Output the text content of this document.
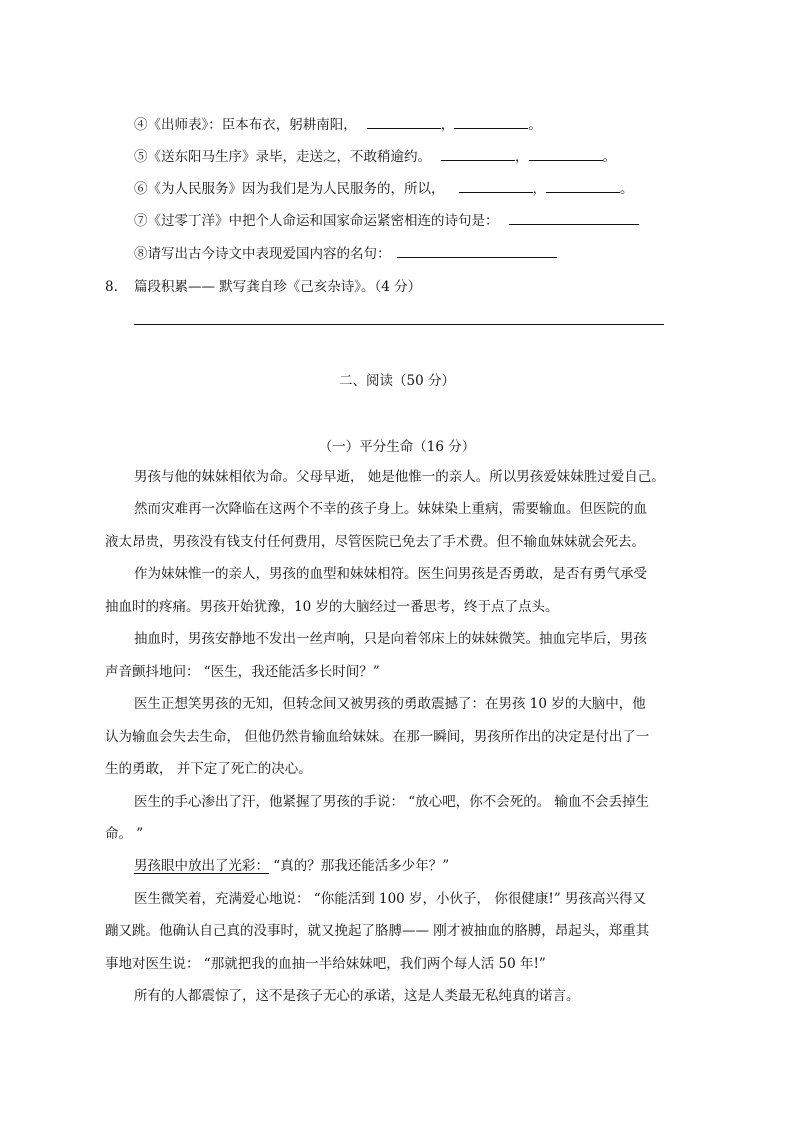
④《出师表》：臣本布衣，躬耕南阳，	，	。
⑤《送东阳马生序》录毕，走送之，不敢稍逾约。	，	。
⑥《为人民服务》因为我们是为人民服务的，所以，	，	。
⑦《过零丁洋》中把个人命运和国家命运紧密相连的诗句是：
⑧请写出古今诗文中表现爱国内容的名句：
8. 篇段积累—— 默写龚自珍《己亥杂诗》。（4 分）
二、阅读（50 分）
（一）平分生命（16 分）
男孩与他的妹妹相依为命。父母早逝， 她是他惟一的亲人。所以男孩爱妹妹胜过爱自己。
然而灾难再一次降临在这两个不幸的孩子身上。妹妹染上重病，需要输血。但医院的血
液太昂贵，男孩没有钱支付任何费用，尽管医院已免去了手术费。但不输血妹妹就会死去。
作为妹妹惟一的亲人，男孩的血型和妹妹相符。医生问男孩是否勇敢，是否有勇气承受
抽血时的疼痛。男孩开始犹豫，10 岁的大脑经过一番思考，终于点了点头。
抽血时，男孩安静地不发出一丝声响，只是向着邻床上的妹妹微笑。抽血完毕后，男孩
声音颤抖地问： “医生，我还能活多长时间？”
医生正想笑男孩的无知，但转念间又被男孩的勇敢震撼了：在男孩 10 岁的大脑中，他
认为输血会失去生命， 但他仍然肯输血给妹妹。在那一瞬间，男孩所作出的决定是付出了一
生的勇敢， 并下定了死亡的决心。
医生的手心渗出了汗，他紧握了男孩的手说： “放心吧，你不会死的。 输血不会丢掉生
命。 ”
男孩眼中放出了光彩： “真的？那我还能活多少年？”
医生微笑着，充满爱心地说： “你能活到 100 岁，小伙子， 你很健康!” 男孩高兴得又
蹦又跳。他确认自己真的没事时，就又挽起了胳膊—— 刚才被抽血的胳膊，昂起头，郑重其
事地对医生说： “那就把我的血抽一半给妹妹吧，我们两个每人活 50 年!”
所有的人都震惊了，这不是孩子无心的承诺，这是人类最无私纯真的诺言。
